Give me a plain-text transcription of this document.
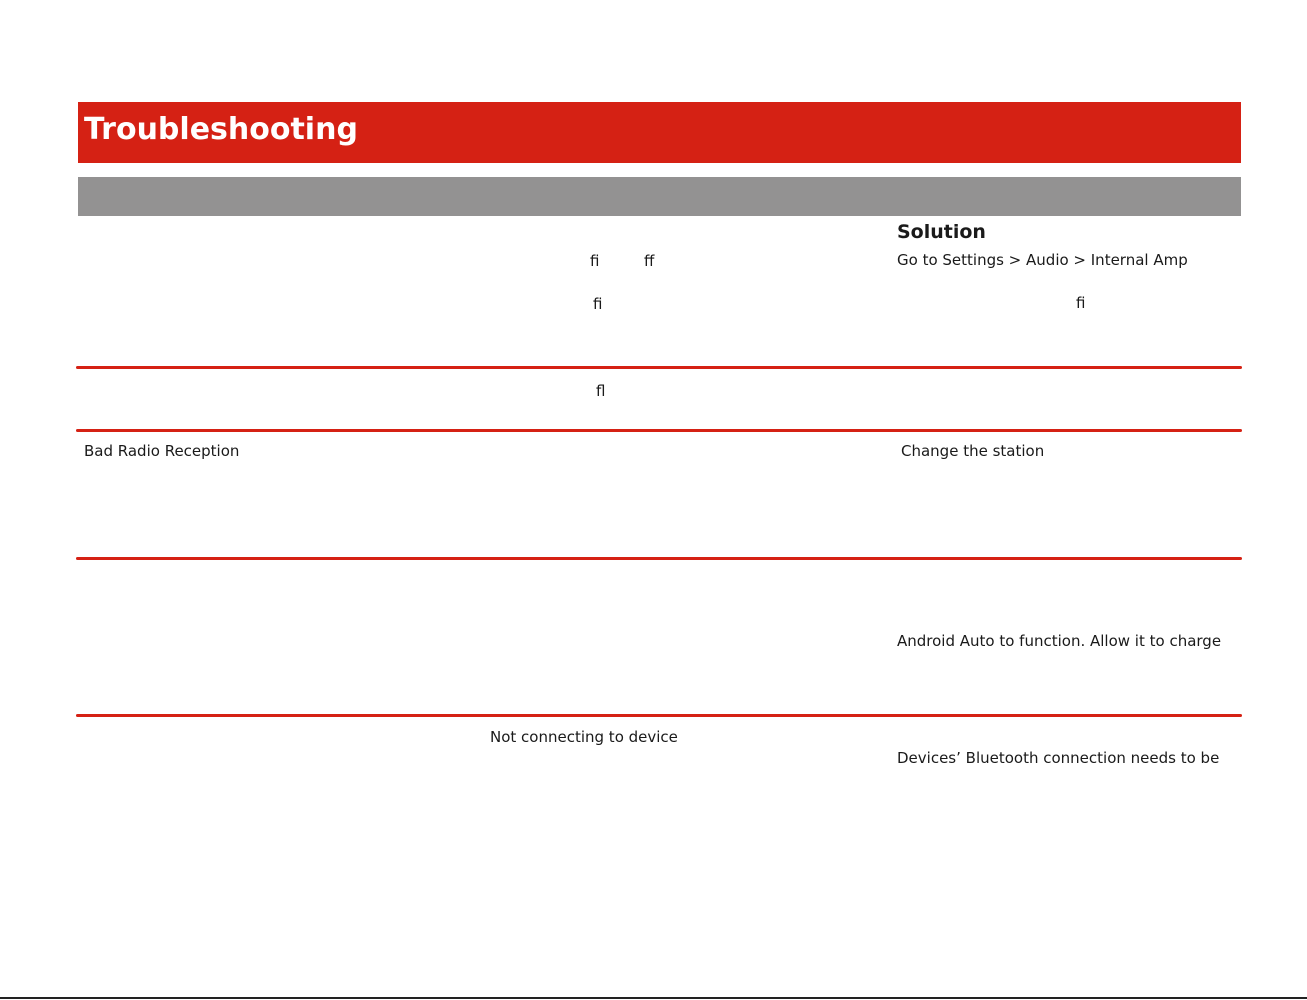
Troubleshooting
Solution
ﬁ	ﬀ
ﬁ
Go to Settings > Audio > Internal Amp
ﬁ
ﬂ
Bad Radio Reception	Change the station
Android Auto to function. Allow it to charge
Not connecting to device
Devices’ Bluetooth connection needs to be
